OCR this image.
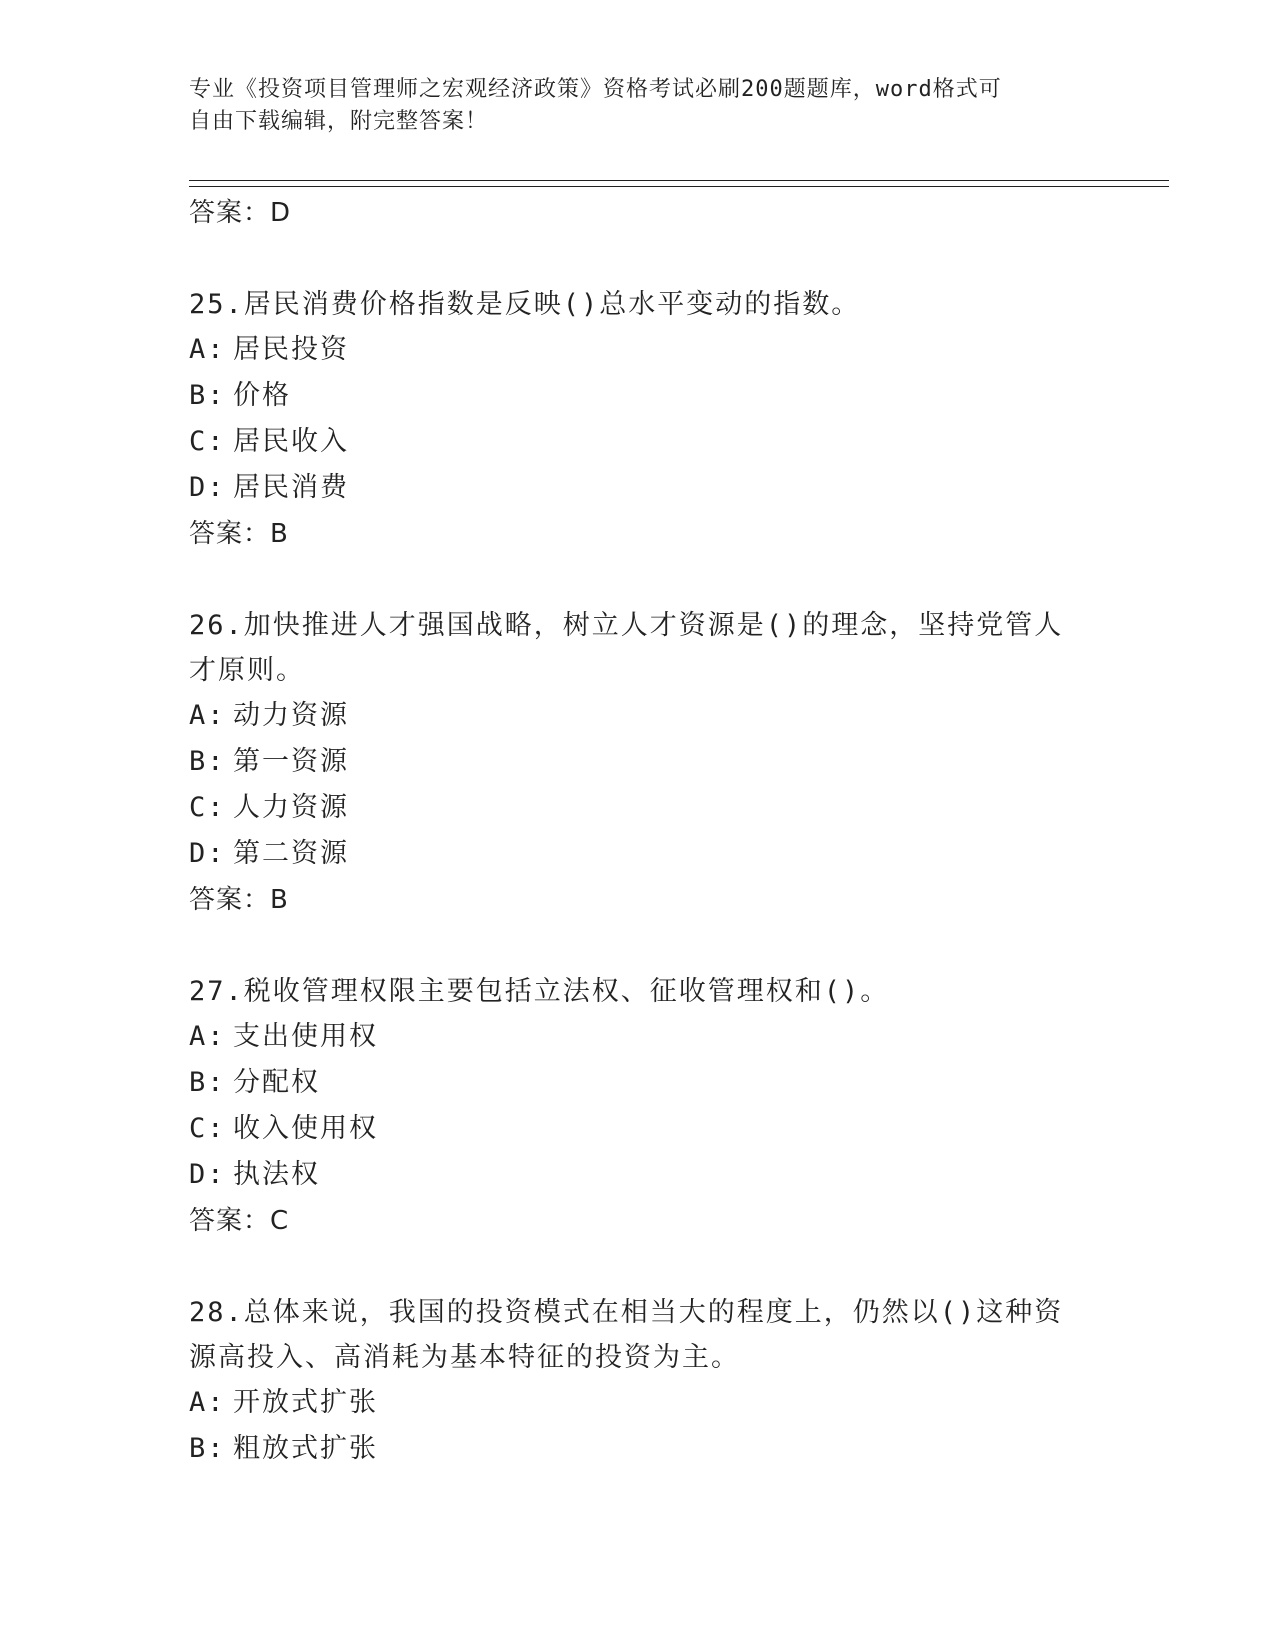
专业《投资项目管理师之宏观经济政策》资格考试必刷200题题库，word格式可
自由下载编辑，附完整答案！
答案：D
25.居民消费价格指数是反映()总水平变动的指数。
A: 居民投资
B: 价格
C: 居民收入
D: 居民消费
答案：B
26.加快推进人才强国战略，树立人才资源是()的理念，坚持党管人才原则。
A: 动力资源
B: 第一资源
C: 人力资源
D: 第二资源
答案：B
27.税收管理权限主要包括立法权、征收管理权和()。
A: 支出使用权
B: 分配权
C: 收入使用权
D: 执法权
答案：C
28.总体来说，我国的投资模式在相当大的程度上，仍然以()这种资源高投入、高消耗为基本特征的投资为主。
A: 开放式扩张
B: 粗放式扩张
